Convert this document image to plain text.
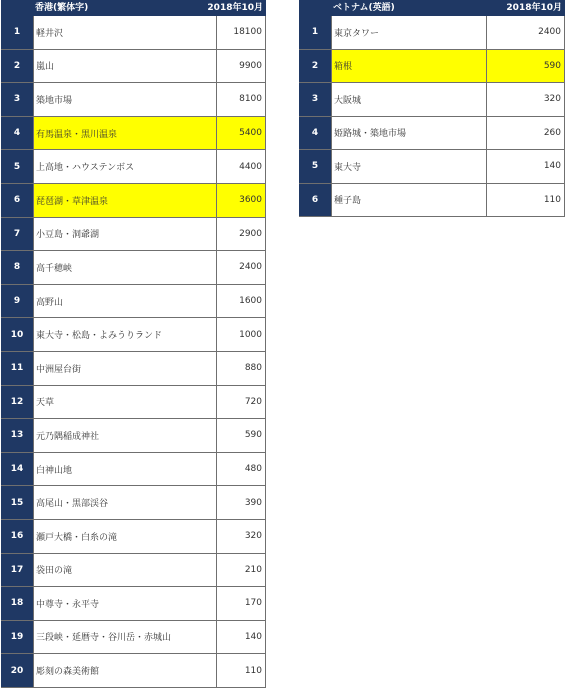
香港(繁体字)	2018年10月
1	軽井沢	18100
2	嵐山	9900
3	築地市場	8100
4	有馬温泉・黒川温泉	5400
5	上高地・ハウステンボス	4400
6	琵琶湖・草津温泉	3600
7	小豆島・洞爺湖	2900
8	高千穂峡	2400
9	高野山	1600
10	東大寺・松島・よみうりランド	1000
11	中洲屋台街	880
12	天草	720
13	元乃隅稲成神社	590
14	白神山地	480
15	高尾山・黒部渓谷	390
16	瀬戸大橋・白糸の滝	320
17	袋田の滝	210
18	中尊寺・永平寺	170
19	三段峡・延暦寺・谷川岳・赤城山	140
20	彫刻の森美術館	110
ベトナム(英語)	2018年10月
1	東京タワー	2400
2	箱根	590
3	大阪城	320
4	姫路城・築地市場	260
5	東大寺	140
6	種子島	110
